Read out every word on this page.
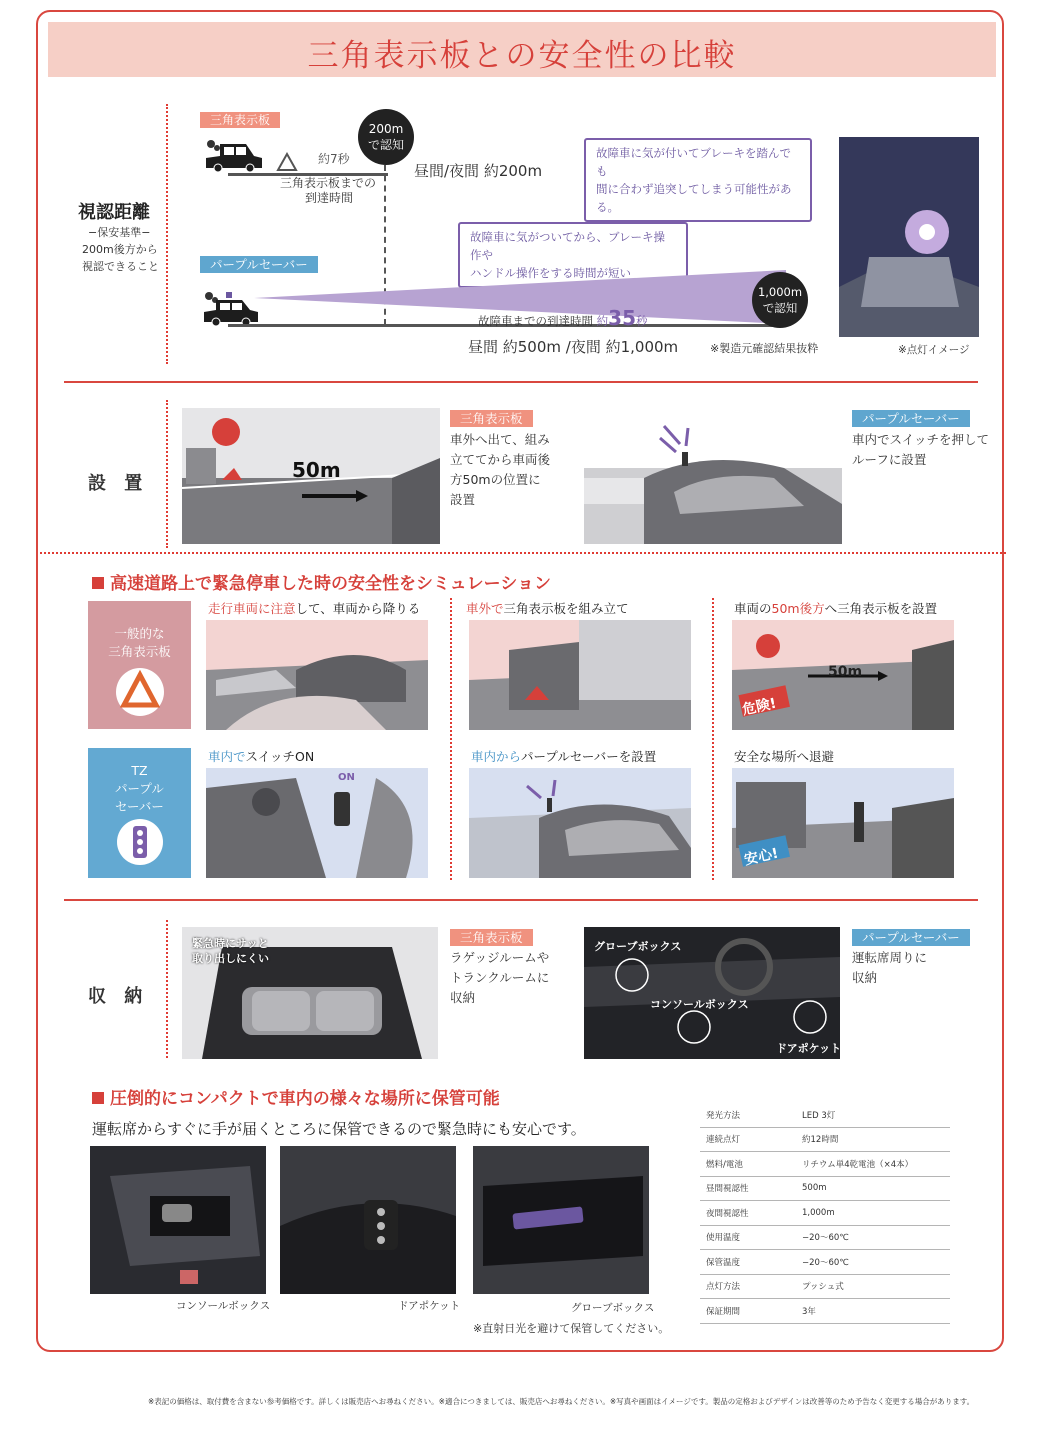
三角表示板との安全性の比較
視認距離
−保安基準−
200m後方から
視認できること
三角表示板
約7秒
三角表示板までの
到達時間
200m
で認知
昼間/夜間 約200m
故障車に気が付いてブレーキを踏んでも
間に合わず追突してしまう可能性がある。
故障車に気がついてから、ブレーキ操作や
ハンドル操作をする時間が短い
パープルセーバー
故障車までの到達時間 約35秒
1,000m
で認知
昼間 約500m /夜間 約1,000m	※製造元確認結果抜粋	※点灯イメージ
設 置
50m
三角表示板
車外へ出て、組み
立ててから車両後
方50mの位置に
設置
パープルセーバー
車内でスイッチを押して
ルーフに設置
高速道路上で緊急停車した時の安全性をシミュレーション
一般的な
三角表示板
TZ
パープル
セーバー
走行車両に注意して、車両から降りる	車外で三角表示板を組み立て	車両の50m後方へ三角表示板を設置
50m
危険!
車内でスイッチON	車内からパープルセーバーを設置	安全な場所へ退避
ON
安心!
収 納
緊急時にサッと
取り出しにくい
三角表示板
ラゲッジルームや
トランクルームに
収納
グローブボックス
コンソールボックス
ドアポケット
パープルセーバー
運転席周りに
収納
圧倒的にコンパクトで車内の様々な場所に保管可能
運転席からすぐに手が届くところに保管できるので緊急時にも安心です。
コンソールボックス	ドアポケット	グローブボックス
※直射日光を避けて保管してください。
発光方法	LED 3灯
連続点灯	約12時間
燃料/電池	リチウム単4乾電池（×4本）
昼間視認性	500m
夜間視認性	1,000m
使用温度	−20〜60℃
保管温度	−20〜60℃
点灯方法	プッシュ式
保証期間	3年
※表記の価格は、取付費を含まない参考価格です。詳しくは販売店へお尋ねください。※適合につきましては、販売店へお尋ねください。※写真や画面はイメージです。製品の定格およびデザインは改善等のため予告なく変更する場合があります。
